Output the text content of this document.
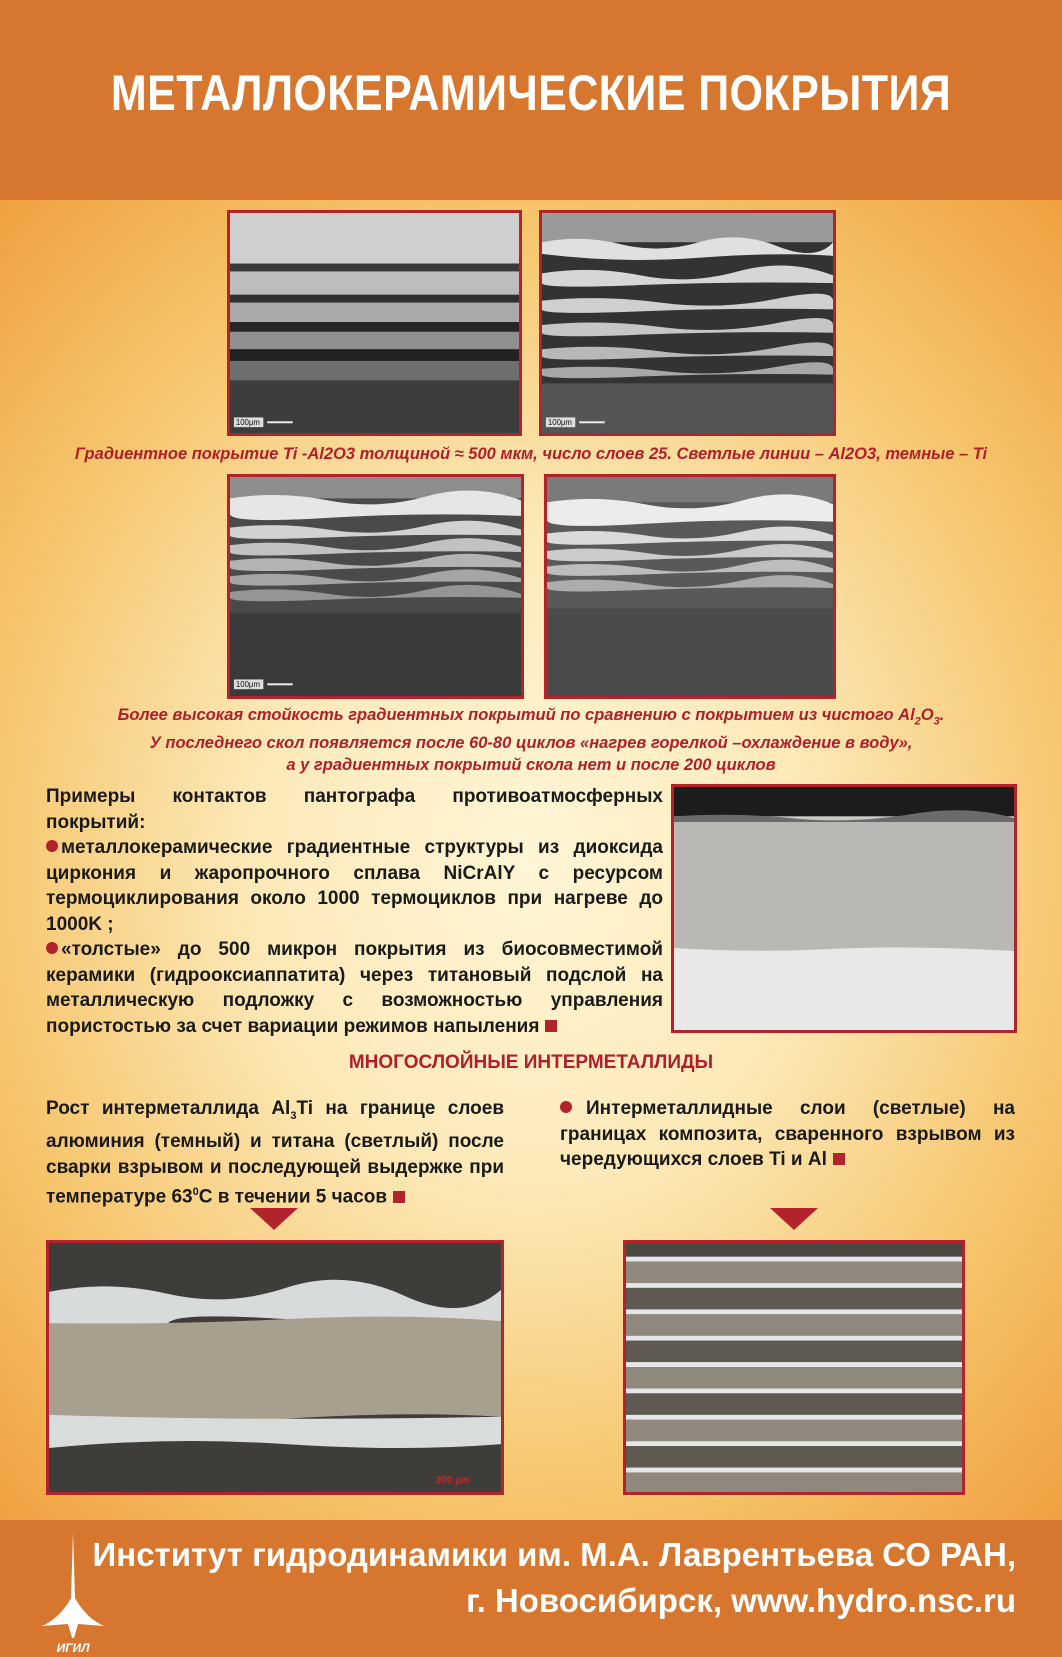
МЕТАЛЛОКЕРАМИЧЕСКИЕ ПОКРЫТИЯ
100μm	100μm
Градиентное покрытие Ti -Al2O3 толщиной ≈ 500 мкм, число слоев 25. Светлые линии – Al2O3, темные – Ti
100μm
Более высокая стойкость градиентных покрытий по сравнению с покрытием из чистого $Al_2O_3$.
У последнего скол появляется после 60-80 циклов «нагрев горелкой –охлаждение в воду»,
а у градиентных покрытий скола нет и после 200 циклов
Примеры контактов пантографа противоатмосферных покрытий:
металлокерамические градиентные структуры из диоксида циркония и жаропрочного сплава NiCrAlY с ресурсом термоциклирования около 1000 термоциклов при нагреве до 1000K ;
«толстые» до 500 микрон покрытия из биосовместимой керамики (гидрооксиаппатита) через титановый подслой на металлическую подложку с возможностью управления пористостью за счет вариации режимов напыления
МНОГОСЛОЙНЫЕ ИНТЕРМЕТАЛЛИДЫ
Рост интерметаллида $Al_3Ti$ на границе слоев алюминия (темный) и титана (светлый) после сварки взрывом и последующей выдержке при температуре $63^0С$ в течении 5 часов
Интерметаллидные слои (светлые) на границах композита, сваренного взрывом из чередующихся слоев Ti и Al
200 μm
ИГИЛ
Институт гидродинамики им. М.А. Лаврентьева СО РАН,
г. Новосибирск, www.hydro.nsc.ru
